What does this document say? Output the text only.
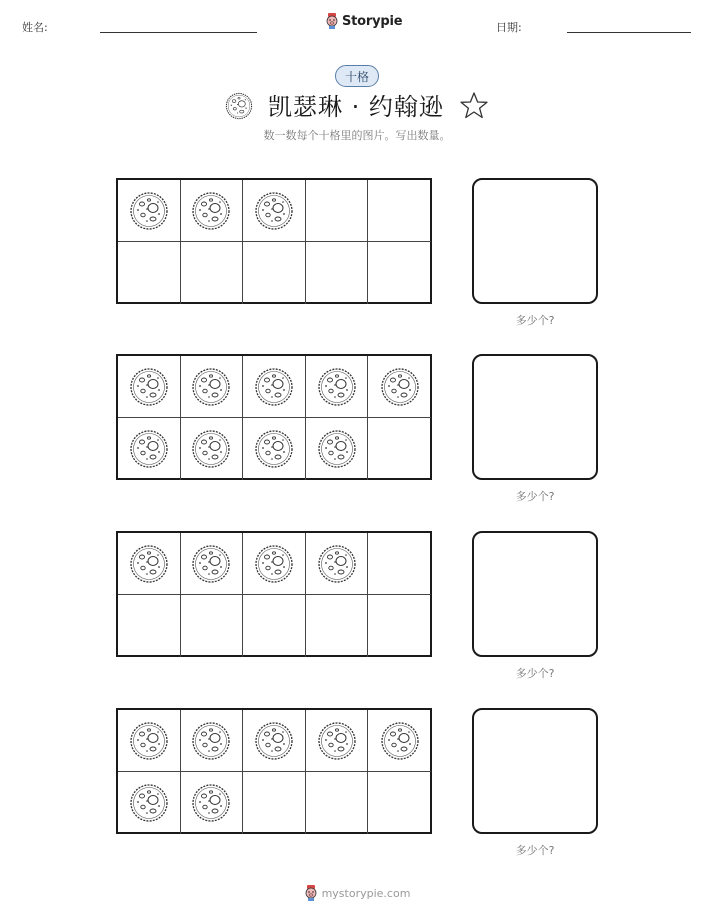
姓名:	Storypie	日期:
十格
凯瑟琳 · 约翰逊
数一数每个十格里的图片。写出数量。
多少个?
多少个?
多少个?
多少个?
mystorypie.com
